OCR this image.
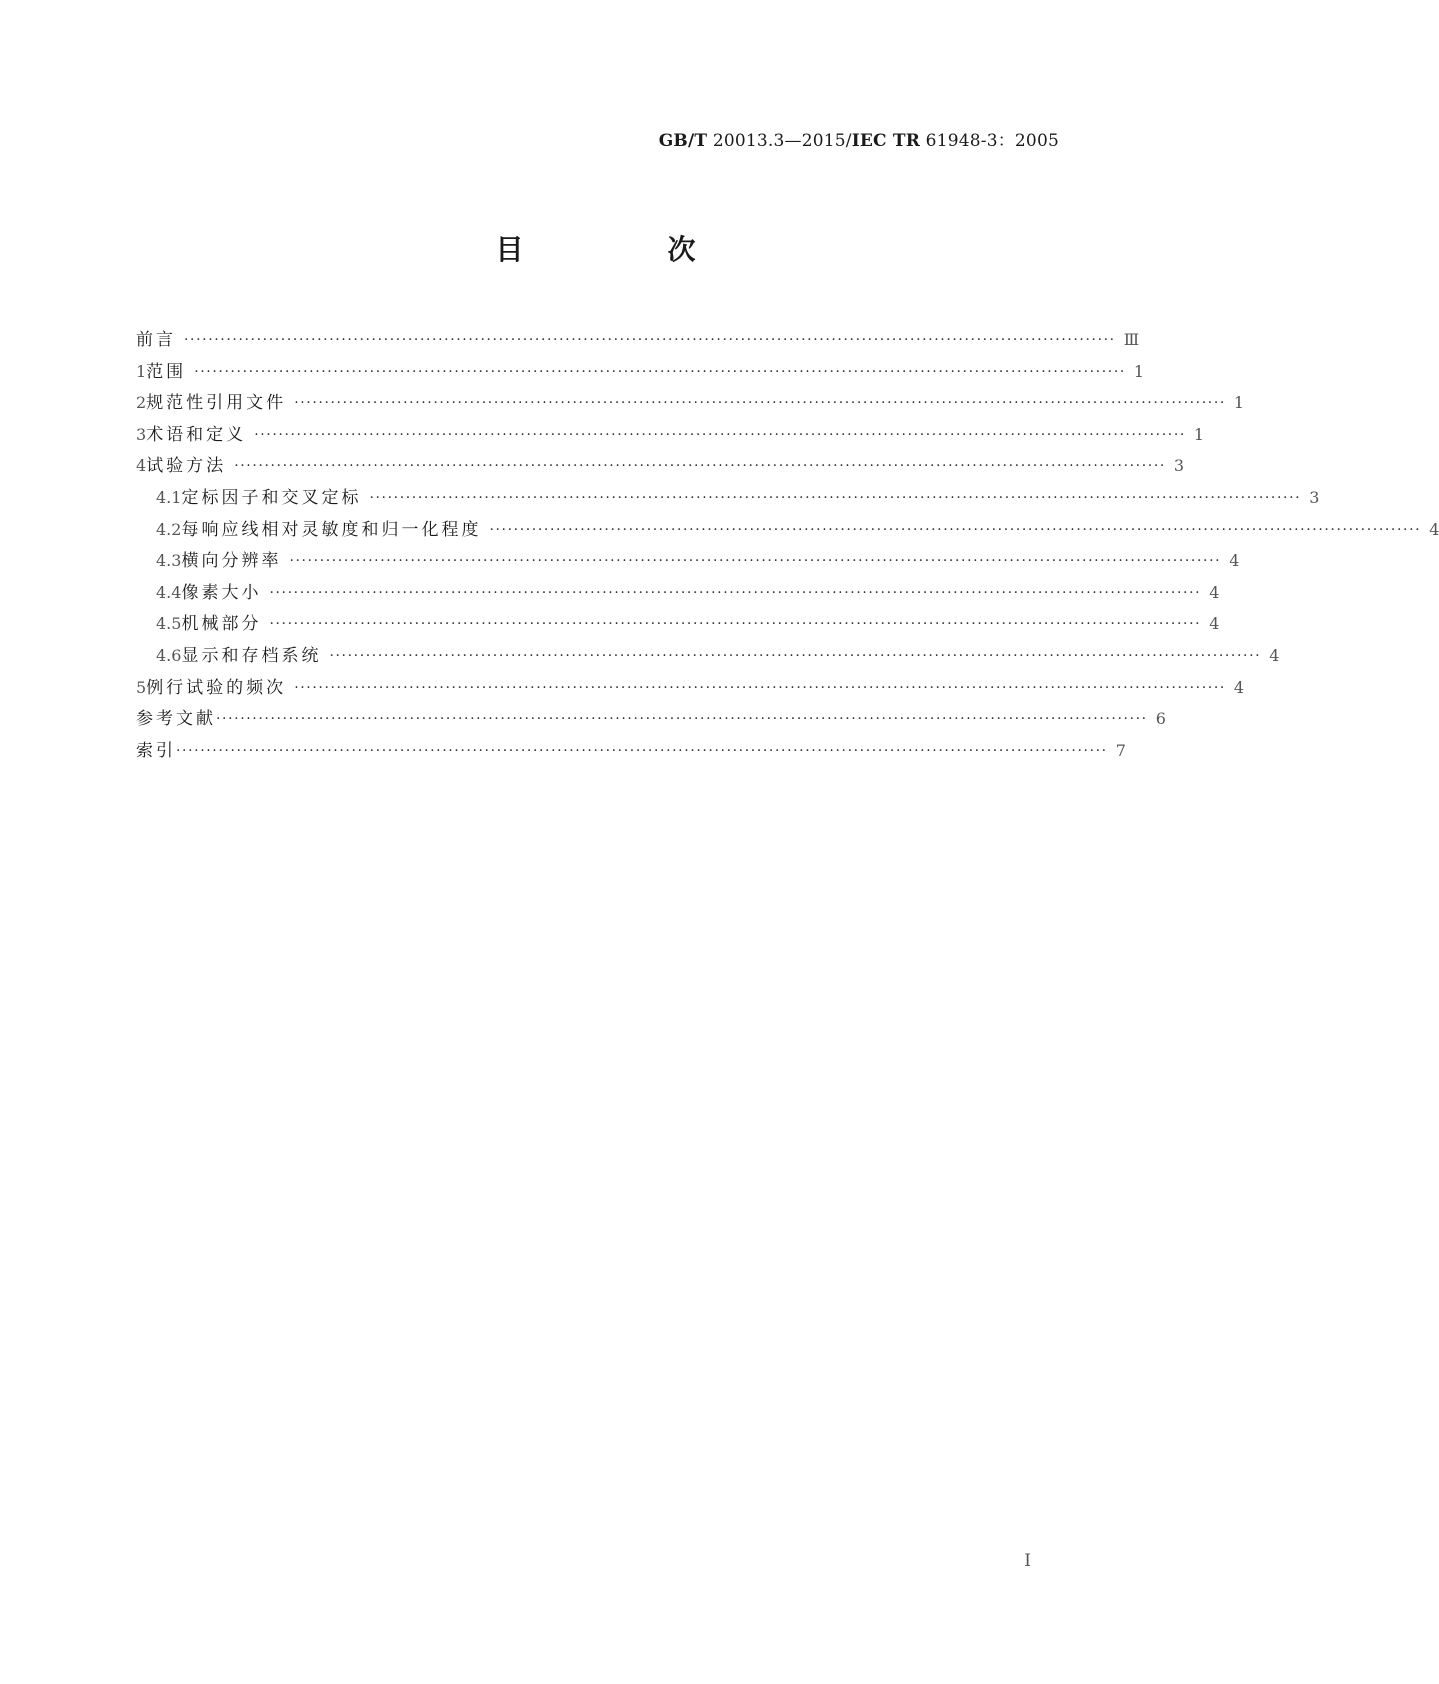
GB/T 20013.3—2015/IEC TR 61948-3：2005
目　次
前言 ·························································································································································· Ⅲ
1 范围 ·························································································································································· 1
2 规范性引用文件 ·························································································································································· 1
3 术语和定义 ·························································································································································· 1
4 试验方法 ·························································································································································· 3
4.1 定标因子和交叉定标 ·························································································································································· 3
4.2 每响应线相对灵敏度和归一化程度 ·························································································································································· 4
4.3 横向分辨率 ·························································································································································· 4
4.4 像素大小 ·························································································································································· 4
4.5 机械部分 ·························································································································································· 4
4.6 显示和存档系统 ·························································································································································· 4
5 例行试验的频次 ·························································································································································· 4
参考文献 ·························································································································································· 6
索引 ·························································································································································· 7
I
